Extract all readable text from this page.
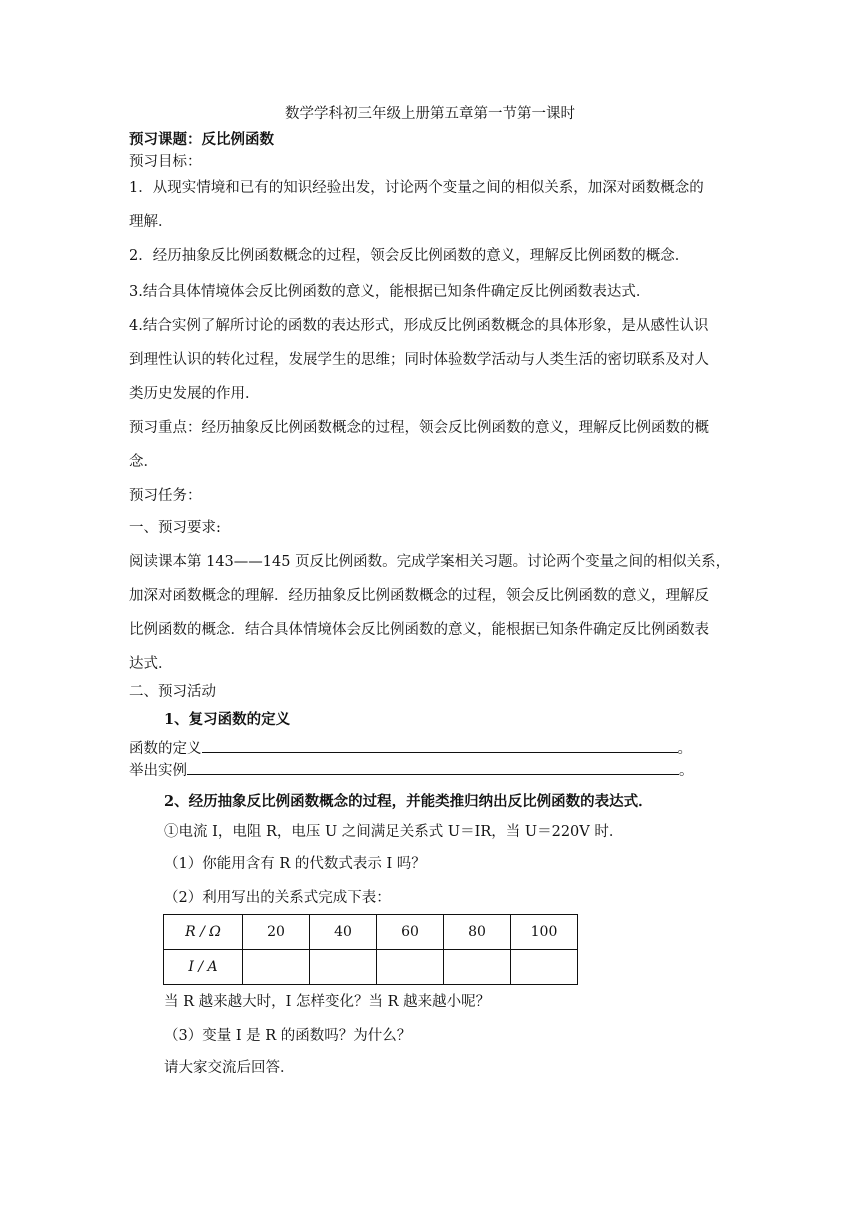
数学学科初三年级上册第五章第一节第一课时
预习课题：反比例函数
预习目标：
1．从现实情境和已有的知识经验出发，讨论两个变量之间的相似关系，加深对函数概念的
理解．
2．经历抽象反比例函数概念的过程，领会反比例函数的意义，理解反比例函数的概念．
3.结合具体情境体会反比例函数的意义，能根据已知条件确定反比例函数表达式．
4.结合实例了解所讨论的函数的表达形式，形成反比例函数概念的具体形象，是从感性认识
到理性认识的转化过程，发展学生的思维；同时体验数学活动与人类生活的密切联系及对人
类历史发展的作用．
预习重点：经历抽象反比例函数概念的过程，领会反比例函数的意义，理解反比例函数的概
念．
预习任务：
一、预习要求:
阅读课本第 143——145 页反比例函数。完成学案相关习题。讨论两个变量之间的相似关系，
加深对函数概念的理解．经历抽象反比例函数概念的过程，领会反比例函数的意义，理解反
比例函数的概念．结合具体情境体会反比例函数的意义，能根据已知条件确定反比例函数表
达式．
二、预习活动
1、复习函数的定义
函数的定义	。
举出实例	。
2、经历抽象反比例函数概念的过程，并能类推归纳出反比例函数的表达式．
①电流 I，电阻 R，电压 U 之间满足关系式 U＝IR，当 U＝220V 时．
（1）你能用含有 R 的代数式表示 I 吗？
（2）利用写出的关系式完成下表：
R / Ω	20	40	60	80	100
I / A					
当 R 越来越大时，I 怎样变化？当 R 越来越小呢？
（3）变量 I 是 R 的函数吗？为什么？
请大家交流后回答．
